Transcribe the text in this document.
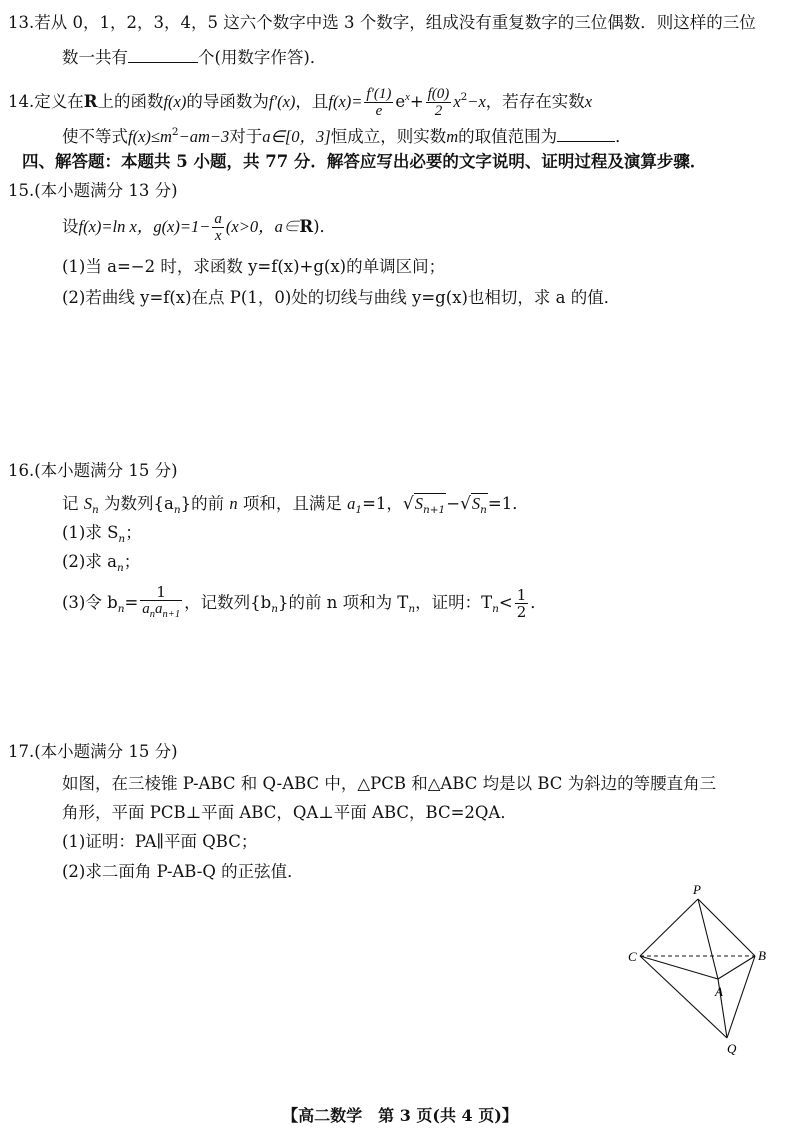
13.若从 0，1，2，3，4，5 这六个数字中选 3 个数字，组成没有重复数字的三位偶数．则这样的三位
数一共有	个(用数字作答)．
14.定义在R上的函数f(x)的导函数为f′(x)，且$f(x)= \frac{f'(1)}{e} e^x+ \frac{f(0)}{2} x^2-x$，若存在实数x
使不等式$f(x)\le m^2-am-3$对于a∈[0，3]恒成立，则实数m的取值范围为	．
四、解答题：本题共 5 小题，共 77 分．解答应写出必要的文字说明、证明过程及演算步骤．
15.(本小题满分 13 分)
设f(x)=ln x，$g(x)=1- \frac{a}{x} (x>0$，a∈R)．
(1)当 a=−2 时，求函数 y=f(x)+g(x)的单调区间；
(2)若曲线 y=f(x)在点 P(1，0)处的切线与曲线 y=g(x)也相切，求 a 的值．
16.(本小题满分 15 分)
记 $S_n$ 为数列$\{a_n\}$的前 n 项和，且满足 $a_1=1$，$√S_{n+1}-√S_n=1$．
(1)求 $S_n$；
(2)求 $a_n$；
(3)令 $b_n= \frac{1}{a_na_{n+1}}$ ，记数列$\{b_n\}$的前 n 项和为 $T_n$，证明：$T_n< \frac{1}{2}$ ．
17.(本小题满分 15 分)
如图，在三棱锥 P-ABC 和 Q-ABC 中，△PCB 和△ABC 均是以 BC 为斜边的等腰直角三
角形，平面 PCB⊥平面 ABC，QA⊥平面 ABC，BC=2QA．
(1)证明：PA∥平面 QBC；
(2)求二面角 P-AB-Q 的正弦值．
P
C	B
A
Q
【高二数学　第 3 页(共 4 页)】
